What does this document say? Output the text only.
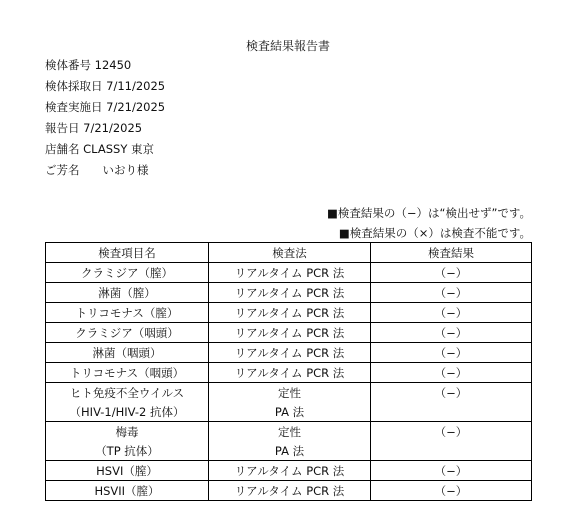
検査結果報告書
検体番号 12450
検体採取日 7/11/2025
検査実施日 7/21/2025
報告日 7/21/2025
店舗名 CLASSY 東京
ご芳名　　いおり様
■検査結果の（−）は“検出せず”です。
■検査結果の（×）は検査不能です。
検査項目名	検査法	検査結果
クラミジア（膣）	リアルタイム PCR 法	（−）
淋菌（膣）	リアルタイム PCR 法	（−）
トリコモナス（膣）	リアルタイム PCR 法	（−）
クラミジア（咽頭）	リアルタイム PCR 法	（−）
淋菌（咽頭）	リアルタイム PCR 法	（−）
トリコモナス（咽頭）	リアルタイム PCR 法	（−）
ヒト免疫不全ウイルス	定性	（−）
（HIV-1/HIV-2 抗体）	PA 法	
梅毒	定性	（−）
（TP 抗体）	PA 法	
HSVI（膣）	リアルタイム PCR 法	（−）
HSVII（膣）	リアルタイム PCR 法	（−）
